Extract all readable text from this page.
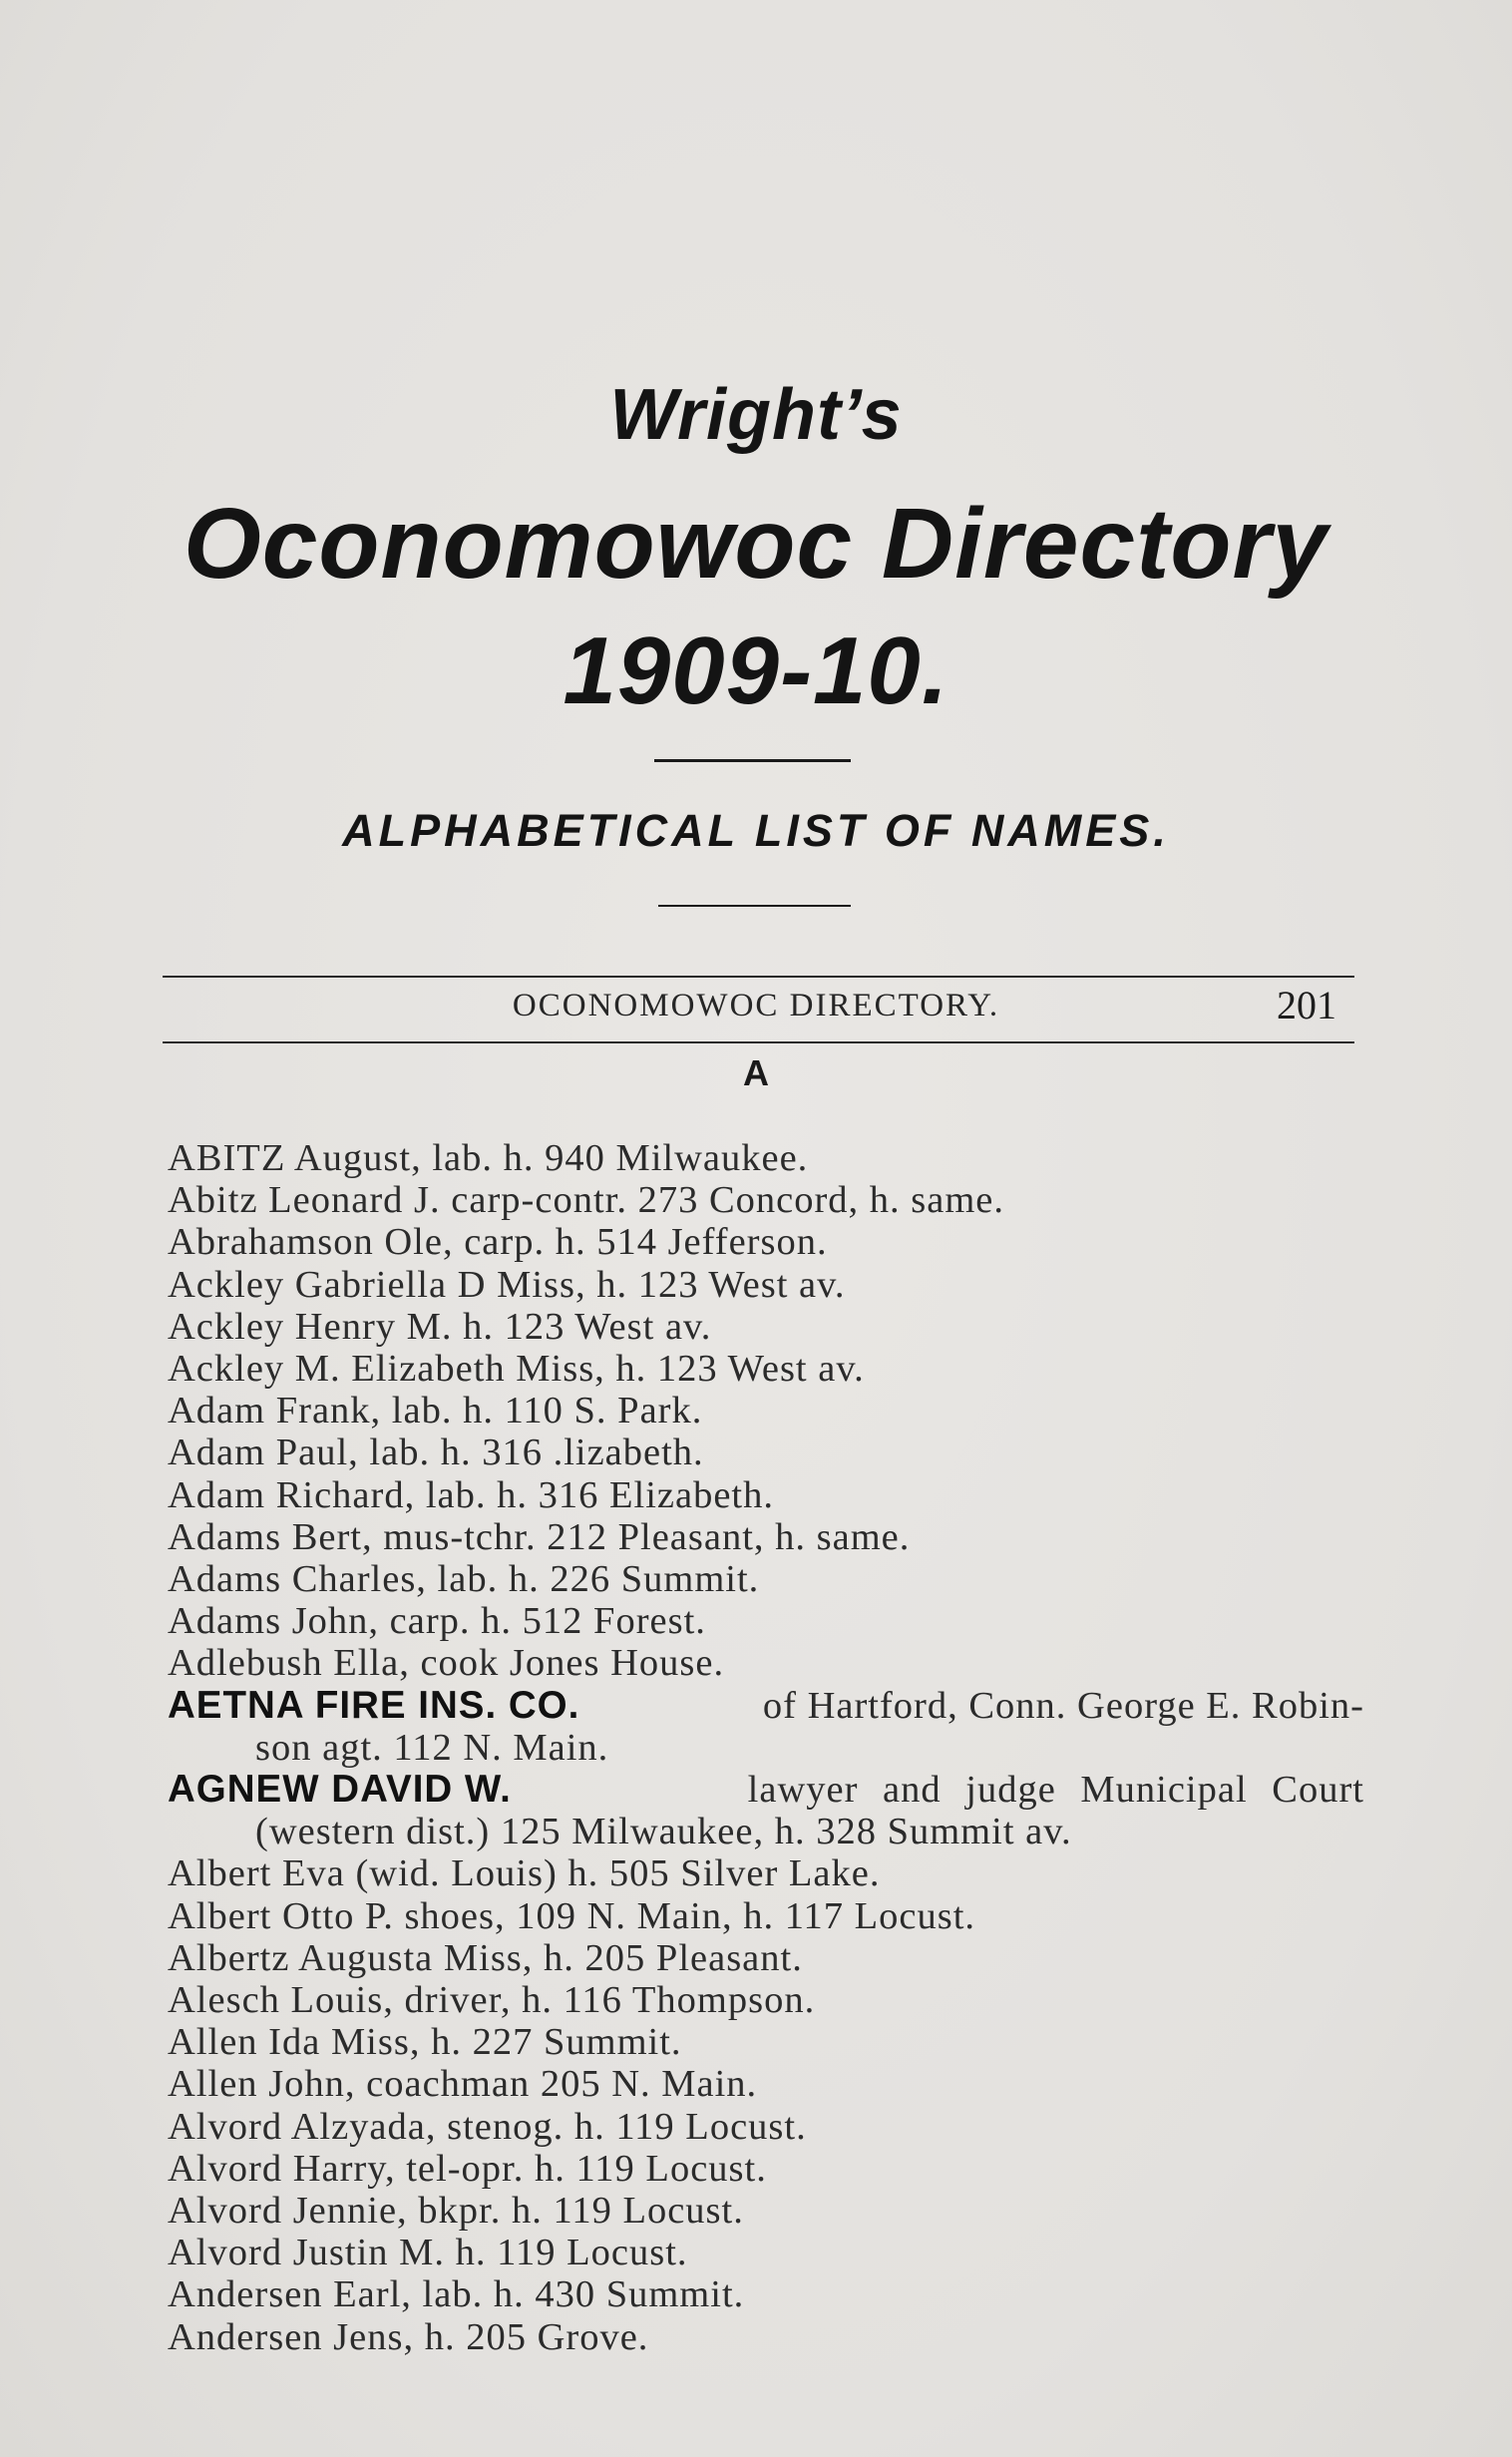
Wright’s
Oconomowoc Directory
1909-10.
ALPHABETICAL LIST OF NAMES.
OCONOMOWOC DIRECTORY.	201
A
ABITZ August, lab. h. 940 Milwaukee.
Abitz Leonard J. carp-contr. 273 Concord, h. same.
Abrahamson Ole, carp. h. 514 Jefferson.
Ackley Gabriella D Miss, h. 123 West av.
Ackley Henry M. h. 123 West av.
Ackley M. Elizabeth Miss, h. 123 West av.
Adam Frank, lab. h. 110 S. Park.
Adam Paul, lab. h. 316 .lizabeth.
Adam Richard, lab. h. 316 Elizabeth.
Adams Bert, mus-tchr. 212 Pleasant, h. same.
Adams Charles, lab. h. 226 Summit.
Adams John, carp. h. 512 Forest.
Adlebush Ella, cook Jones House.
AETNA FIRE INS. CO.	of Hartford, Conn. George E. Robin-
son agt. 112 N. Main.
AGNEW DAVID W.	lawyer and judge Municipal Court
(western dist.) 125 Milwaukee, h. 328 Summit av.
Albert Eva (wid. Louis) h. 505 Silver Lake.
Albert Otto P. shoes, 109 N. Main, h. 117 Locust.
Albertz Augusta Miss, h. 205 Pleasant.
Alesch Louis, driver, h. 116 Thompson.
Allen Ida Miss, h. 227 Summit.
Allen John, coachman 205 N. Main.
Alvord Alzyada, stenog. h. 119 Locust.
Alvord Harry, tel-opr. h. 119 Locust.
Alvord Jennie, bkpr. h. 119 Locust.
Alvord Justin M. h. 119 Locust.
Andersen Earl, lab. h. 430 Summit.
Andersen Jens, h. 205 Grove.
